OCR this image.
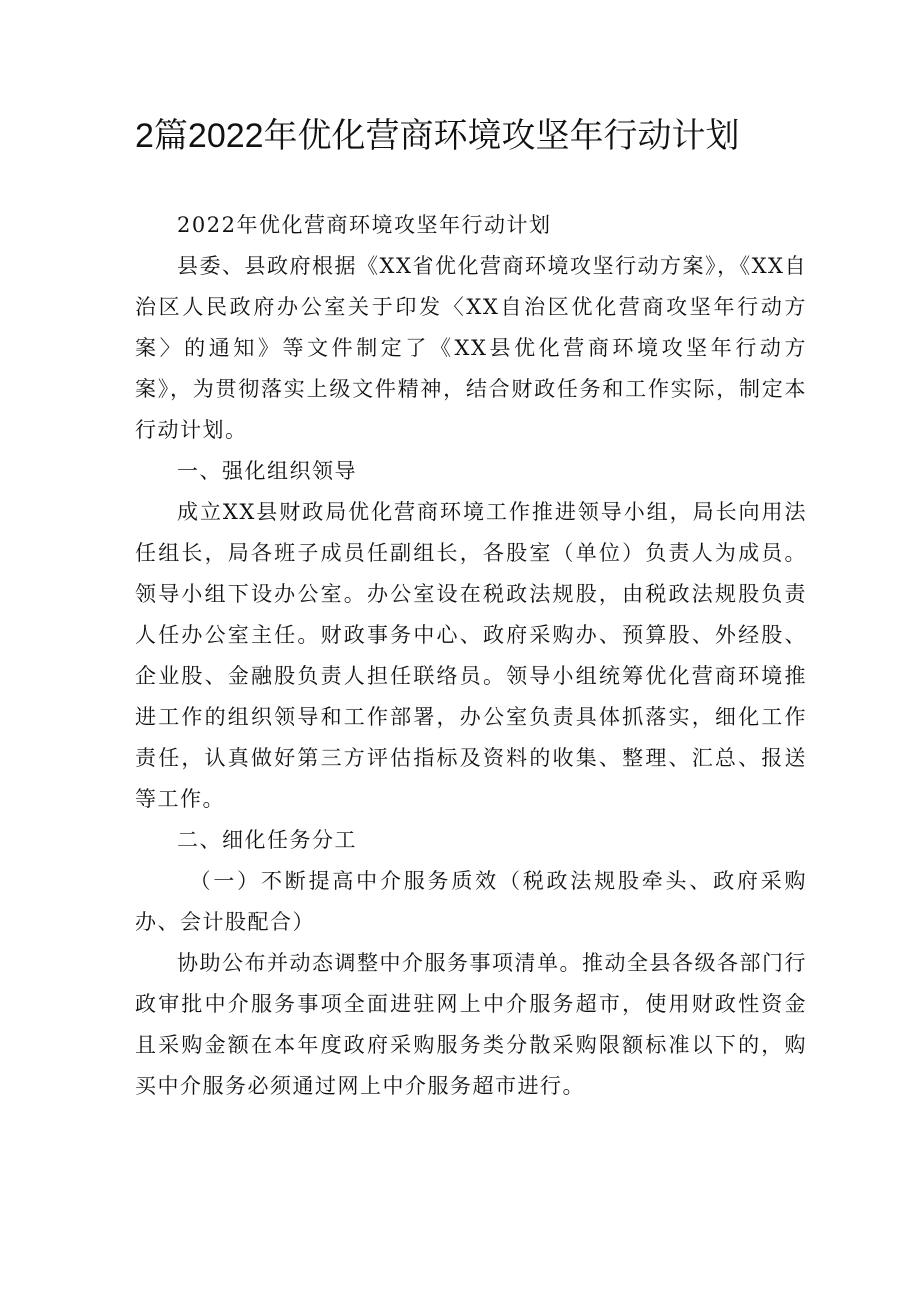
2篇2022年优化营商环境攻坚年行动计划

2022年优化营商环境攻坚年行动计划

县委、县政府根据《XX省优化营商环境攻坚行动方案》，《XX自治区人民政府办公室关于印发〈XX自治区优化营商攻坚年行动方案〉的通知》等文件制定了《XX县优化营商环境攻坚年行动方案》，为贯彻落实上级文件精神，结合财政任务和工作实际，制定本行动计划。

一、强化组织领导

成立XX县财政局优化营商环境工作推进领导小组，局长向用法任组长，局各班子成员任副组长，各股室（单位）负责人为成员。领导小组下设办公室。办公室设在税政法规股，由税政法规股负责人任办公室主任。财政事务中心、政府采购办、预算股、外经股、企业股、金融股负责人担任联络员。领导小组统筹优化营商环境推进工作的组织领导和工作部署，办公室负责具体抓落实，细化工作责任，认真做好第三方评估指标及资料的收集、整理、汇总、报送等工作。

二、细化任务分工

（一）不断提高中介服务质效（税政法规股牵头、政府采购办、会计股配合）

协助公布并动态调整中介服务事项清单。推动全县各级各部门行政审批中介服务事项全面进驻网上中介服务超市，使用财政性资金且采购金额在本年度政府采购服务类分散采购限额标准以下的，购买中介服务必须通过网上中介服务超市进行。
